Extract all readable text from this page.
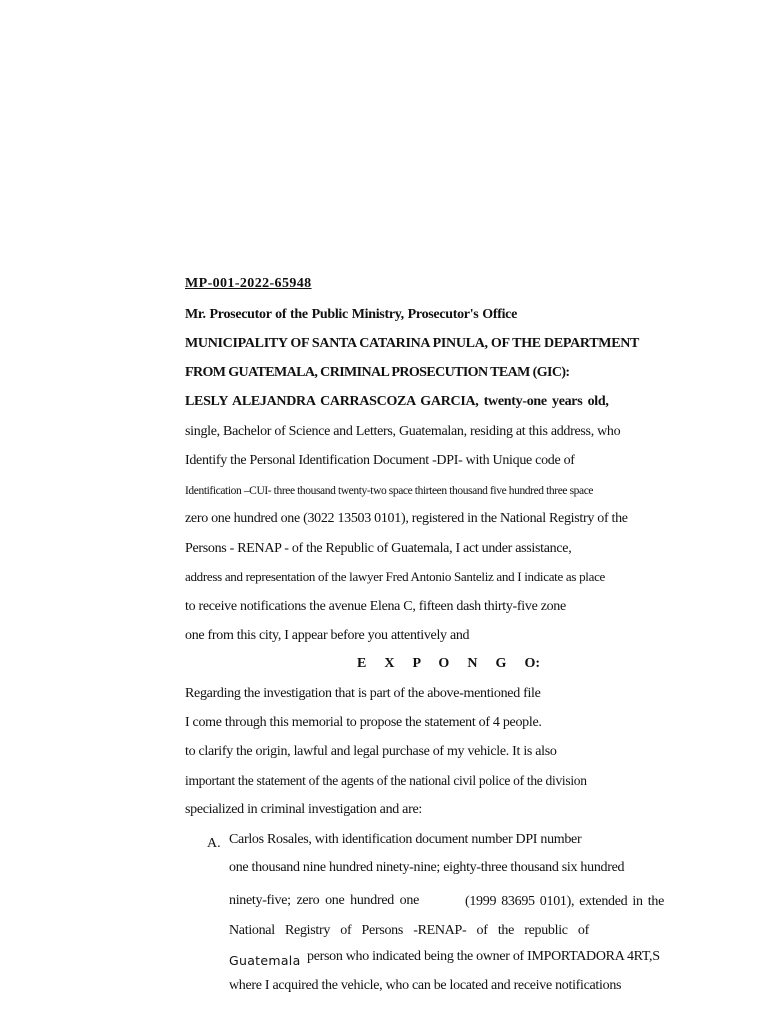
MP-001-2022-65948
Mr. Prosecutor of the Public Ministry, Prosecutor's Office
MUNICIPALITY OF SANTA CATARINA PINULA, OF THE DEPARTMENT
FROM GUATEMALA, CRIMINAL PROSECUTION TEAM (GIC):
LESLY ALEJANDRA CARRASCOZA GARCIA, twenty-one years old,
single, Bachelor of Science and Letters, Guatemalan, residing at this address, who
Identify the Personal Identification Document -DPI- with Unique code of
Identification –CUI- three thousand twenty-two space thirteen thousand five hundred three space
zero one hundred one (3022 13503 0101), registered in the National Registry of the
Persons - RENAP - of the Republic of Guatemala, I act under assistance,
address and representation of the lawyer Fred Antonio Santeliz and I indicate as place
to receive notifications the avenue Elena C, fifteen dash thirty-five zone
one from this city, I appear before you attentively and
E X P O N G O:
Regarding the investigation that is part of the above-mentioned file
I come through this memorial to propose the statement of 4 people.
to clarify the origin, lawful and legal purchase of my vehicle. It is also
important the statement of the agents of the national civil police of the division
specialized in criminal investigation and are:
A. Carlos Rosales, with identification document number DPI number
one thousand nine hundred ninety-nine; eighty-three thousand six hundred
ninety-five; zero one hundred one	(1999 83695 0101), extended in the
National Registry of Persons -RENAP- of the republic of
Guatemala person who indicated being the owner of IMPORTADORA 4RT,S
where I acquired the vehicle, who can be located and receive notifications
